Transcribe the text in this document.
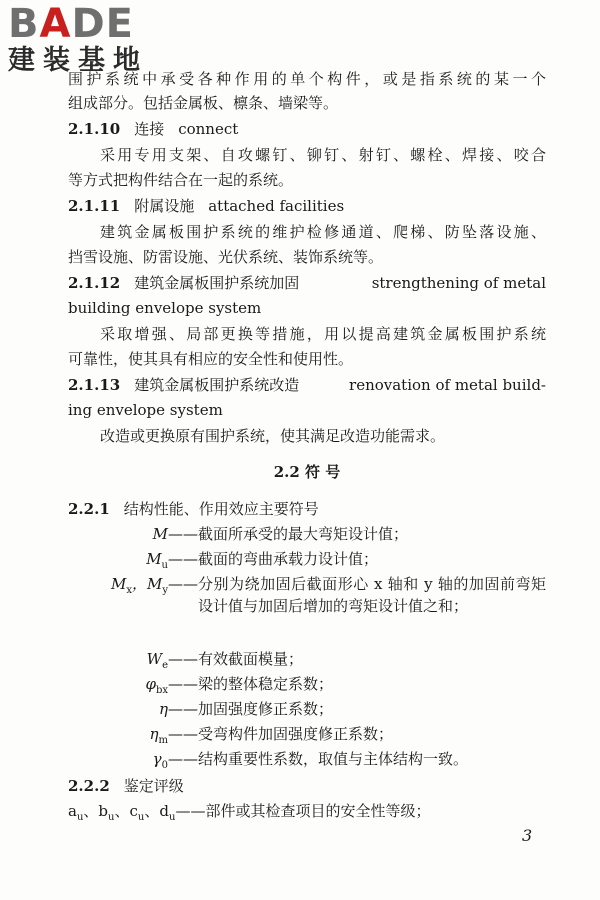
BADE
建装基地
围护系统中承受各种作用的单个构件，或是指系统的某一个
组成部分。包括金属板、檩条、墙梁等。
2.1.10 连接 connect
采用专用支架、自攻螺钉、铆钉、射钉、螺栓、焊接、咬合
等方式把构件结合在一起的系统。
2.1.11 附属设施 attached facilities
建筑金属板围护系统的维护检修通道、爬梯、防坠落设施、
挡雪设施、防雷设施、光伏系统、装饰系统等。
2.1.12 建筑金属板围护系统加固	strengthening of metal
building envelope system
采取增强、局部更换等措施，用以提高建筑金属板围护系统
可靠性，使其具有相应的安全性和使用性。
2.1.13 建筑金属板围护系统改造	renovation of metal build-
ing envelope system
改造或更换原有围护系统，使其满足改造功能需求。
2.2 符 号
2.2.1 结构性能、作用效应主要符号
M—— 截面所承受的最大弯矩设计值；
$M_u——$ 截面的弯曲承载力设计值；
$M_x$，$M_y——$ 分别为绕加固后截面形心 x 轴和 y 轴的加固前弯矩设计值与加固后增加的弯矩设计值之和；
$W_e——$ 有效截面模量；
$\varphi_{bx}——$ 梁的整体稳定系数；
η—— 加固强度修正系数；
$\eta_m——$ 受弯构件加固强度修正系数；
$\gamma_0——$ 结构重要性系数，取值与主体结构一致。
2.2.2 鉴定评级
$a_u$、$b_u$、$c_u$、$d_u——$部件或其检查项目的安全性等级；
3
